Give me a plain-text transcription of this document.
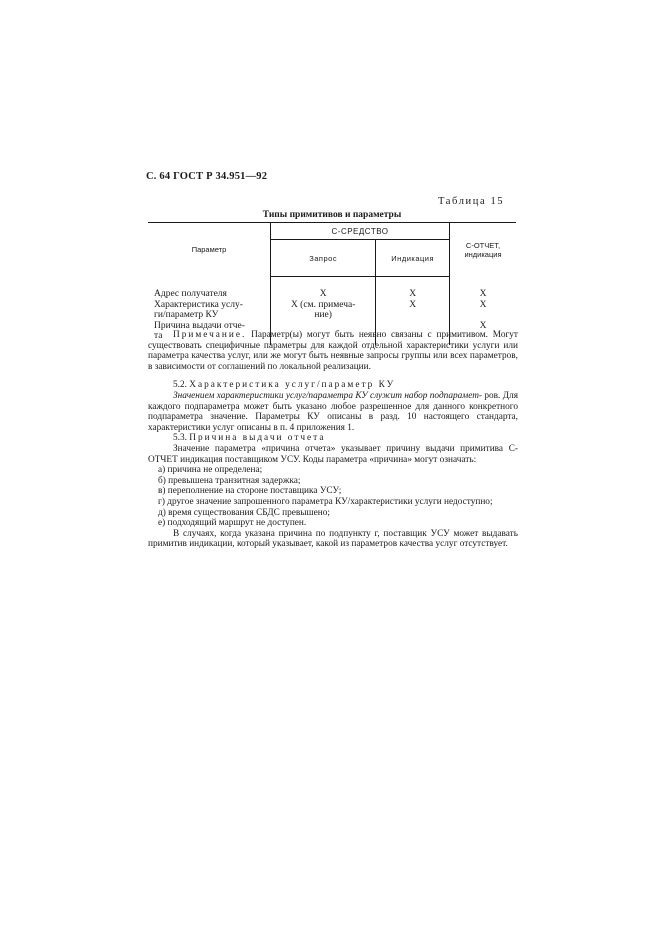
С. 64 ГОСТ Р 34.951—92
Таблица 15
Типы примитивов и параметры
Параметр	С-СРЕДСТВО		С-ОТЧЕТ,
индикация
	Запрос	Индикация	
Адрес получателя	X	X	X
Характеристика услу-	X (см. примеча-	X	X
ги/параметр КУ	ние)		
Причина выдачи отче-			X
та				Примечание. Параметр(ы) могут быть неявно связаны с примитивом. Могут существовать специфичные параметры для каждой отдельной характеристики услуги или параметра качества услуг, или же могут быть неявные запросы группы или всех параметров, в зависимости от соглашений по локальной реализации.

5.2. Характеристика услуг/параметр КУ

Значением характеристики услуг/параметра КУ служит набор подпарамет- ров. Для каждого подпараметра может быть указано любое разрешенное для данного конкретного подпараметра значение. Параметры КУ описаны в разд. 10 настоящего стандарта, характеристики услуг описаны в п. 4 приложения 1.

5.3. Причина выдачи отчета

Значение параметра «причина отчета» указывает причину выдачи примитива С-ОТЧЕТ индикация поставщиком УСУ. Коды параметра «причина» могут означать:

а) причина не определена;

б) превышена транзитная задержка;

в) переполнение на стороне поставщика УСУ;

г) другое значение запрошенного параметра КУ/характеристики услуги недоступно;

д) время существования СБДС превышено;

е) подходящий маршрут не доступен.

В случаях, когда указана причина по подпункту г, поставщик УСУ может выдавать примитив индикации, который указывает, какой из параметров качества услуг отсутствует.
